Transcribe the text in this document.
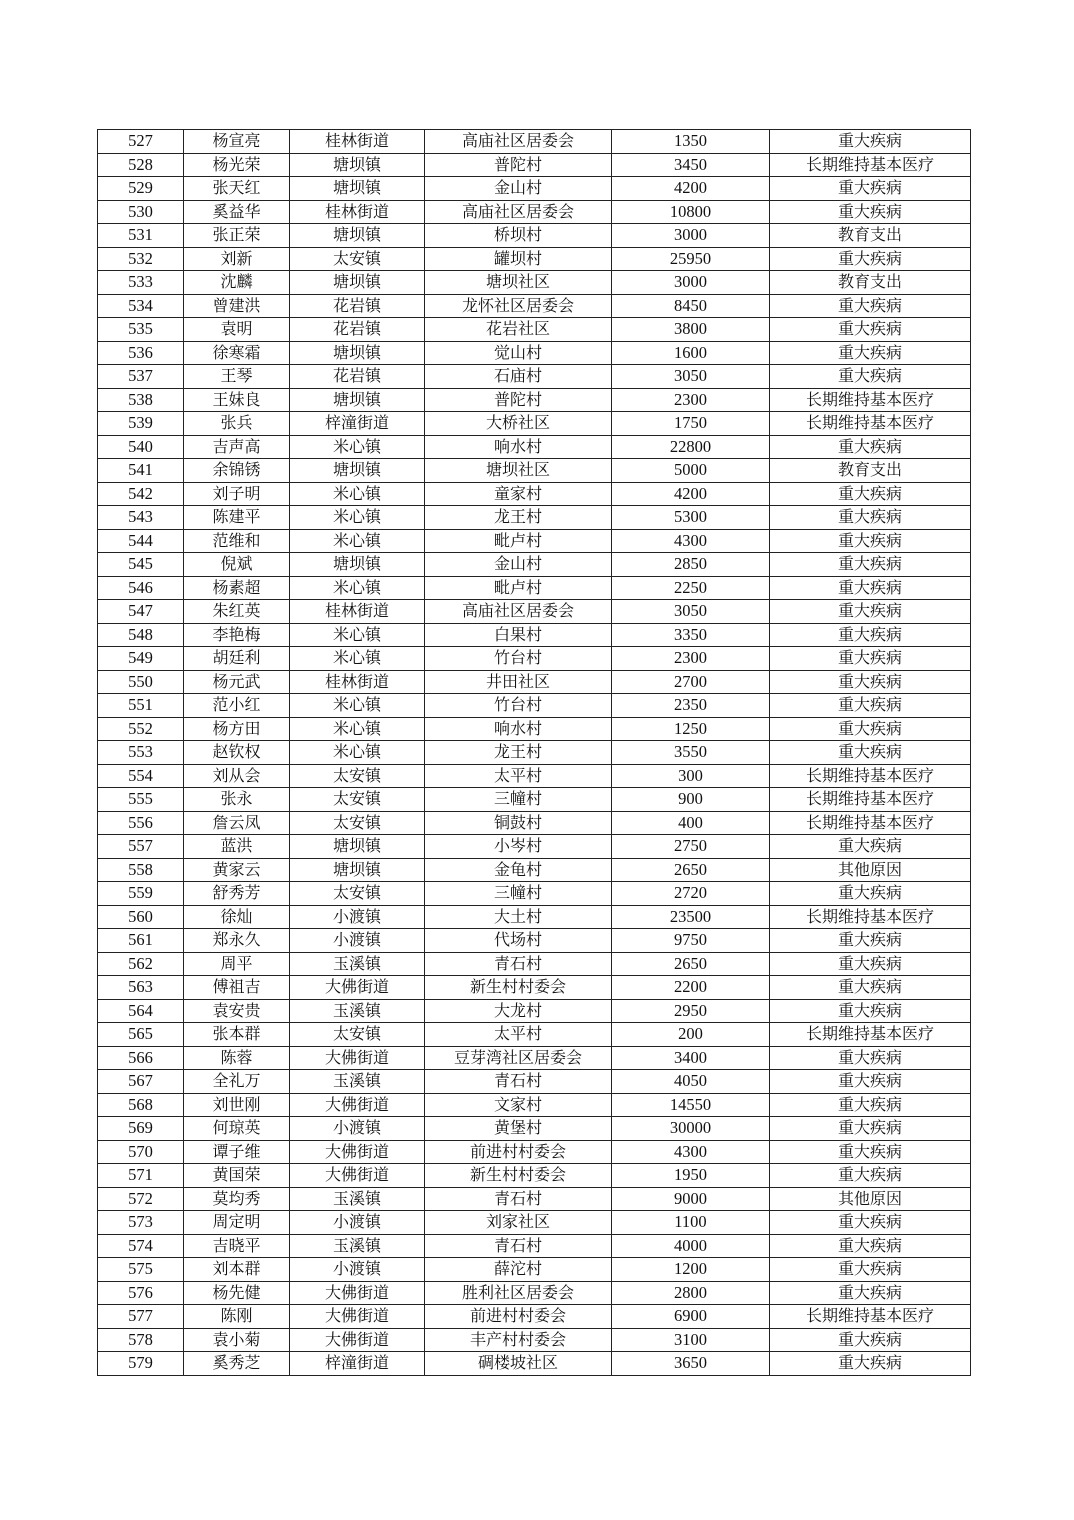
527	杨宣亮	桂林街道	高庙社区居委会	1350	重大疾病
528	杨光荣	塘坝镇	普陀村	3450	长期维持基本医疗
529	张天红	塘坝镇	金山村	4200	重大疾病
530	奚益华	桂林街道	高庙社区居委会	10800	重大疾病
531	张正荣	塘坝镇	桥坝村	3000	教育支出
532	刘新	太安镇	罐坝村	25950	重大疾病
533	沈麟	塘坝镇	塘坝社区	3000	教育支出
534	曾建洪	花岩镇	龙怀社区居委会	8450	重大疾病
535	袁明	花岩镇	花岩社区	3800	重大疾病
536	徐寒霜	塘坝镇	觉山村	1600	重大疾病
537	王琴	花岩镇	石庙村	3050	重大疾病
538	王妹良	塘坝镇	普陀村	2300	长期维持基本医疗
539	张兵	梓潼街道	大桥社区	1750	长期维持基本医疗
540	吉声高	米心镇	响水村	22800	重大疾病
541	余锦锈	塘坝镇	塘坝社区	5000	教育支出
542	刘子明	米心镇	童家村	4200	重大疾病
543	陈建平	米心镇	龙王村	5300	重大疾病
544	范维和	米心镇	毗卢村	4300	重大疾病
545	倪斌	塘坝镇	金山村	2850	重大疾病
546	杨素超	米心镇	毗卢村	2250	重大疾病
547	朱红英	桂林街道	高庙社区居委会	3050	重大疾病
548	李艳梅	米心镇	白果村	3350	重大疾病
549	胡廷利	米心镇	竹台村	2300	重大疾病
550	杨元武	桂林街道	井田社区	2700	重大疾病
551	范小红	米心镇	竹台村	2350	重大疾病
552	杨方田	米心镇	响水村	1250	重大疾病
553	赵钦权	米心镇	龙王村	3550	重大疾病
554	刘从会	太安镇	太平村	300	长期维持基本医疗
555	张永	太安镇	三幢村	900	长期维持基本医疗
556	詹云凤	太安镇	铜鼓村	400	长期维持基本医疗
557	蓝洪	塘坝镇	小岑村	2750	重大疾病
558	黄家云	塘坝镇	金龟村	2650	其他原因
559	舒秀芳	太安镇	三幢村	2720	重大疾病
560	徐灿	小渡镇	大土村	23500	长期维持基本医疗
561	郑永久	小渡镇	代场村	9750	重大疾病
562	周平	玉溪镇	青石村	2650	重大疾病
563	傅祖吉	大佛街道	新生村村委会	2200	重大疾病
564	袁安贵	玉溪镇	大龙村	2950	重大疾病
565	张本群	太安镇	太平村	200	长期维持基本医疗
566	陈蓉	大佛街道	豆芽湾社区居委会	3400	重大疾病
567	全礼万	玉溪镇	青石村	4050	重大疾病
568	刘世刚	大佛街道	文家村	14550	重大疾病
569	何琼英	小渡镇	黄堡村	30000	重大疾病
570	谭子维	大佛街道	前进村村委会	4300	重大疾病
571	黄国荣	大佛街道	新生村村委会	1950	重大疾病
572	莫均秀	玉溪镇	青石村	9000	其他原因
573	周定明	小渡镇	刘家社区	1100	重大疾病
574	吉晓平	玉溪镇	青石村	4000	重大疾病
575	刘本群	小渡镇	薛沱村	1200	重大疾病
576	杨先健	大佛街道	胜利社区居委会	2800	重大疾病
577	陈刚	大佛街道	前进村村委会	6900	长期维持基本医疗
578	袁小菊	大佛街道	丰产村村委会	3100	重大疾病
579	奚秀芝	梓潼街道	碉楼坡社区	3650	重大疾病
